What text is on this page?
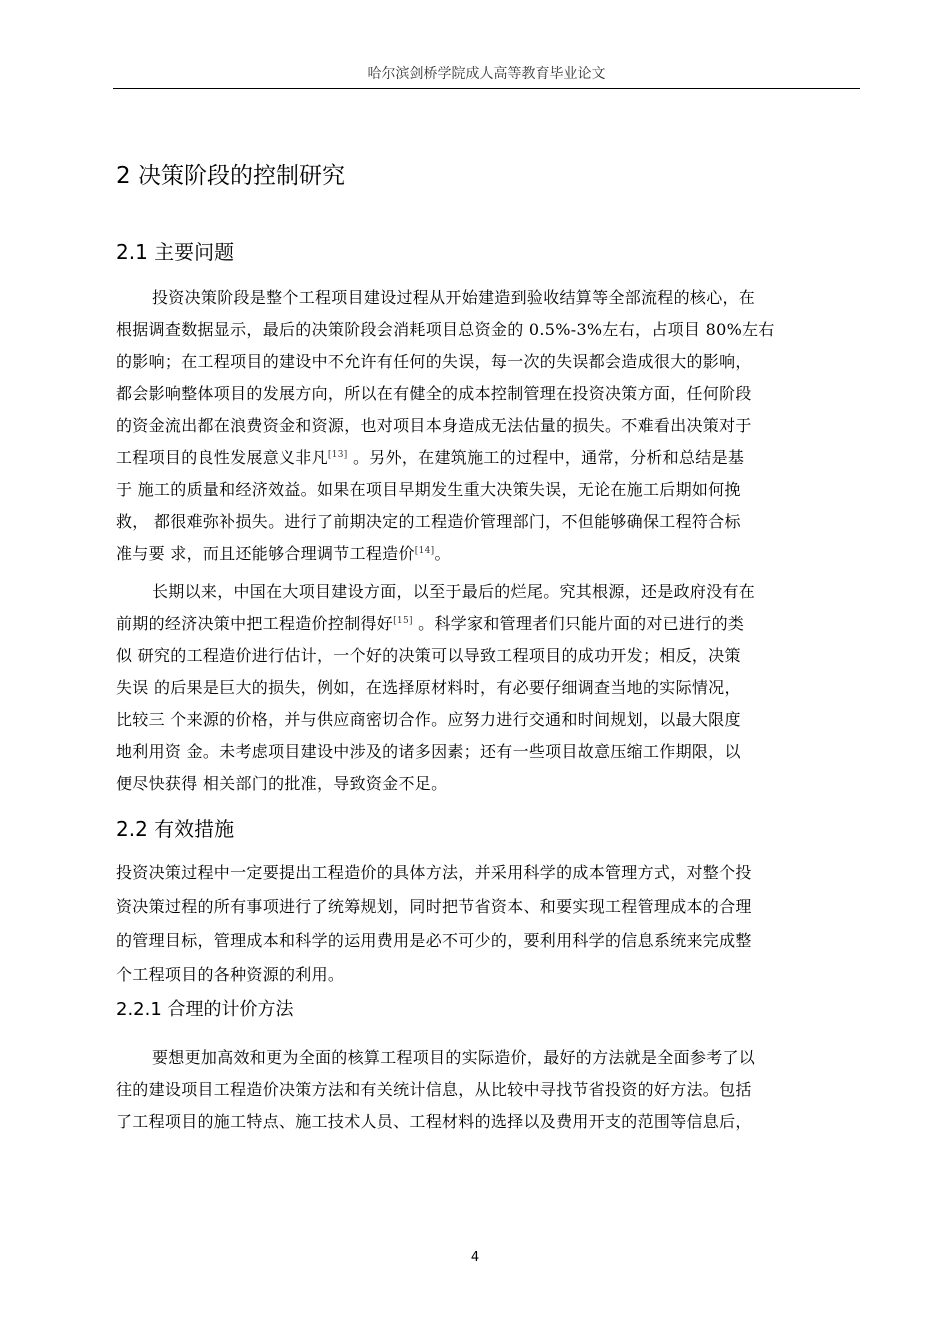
哈尔滨剑桥学院成人高等教育毕业论文
2 决策阶段的控制研究
2.1 主要问题
投资决策阶段是整个工程项目建设过程从开始建造到验收结算等全部流程的核心，在
根据调查数据显示，最后的决策阶段会消耗项目总资金的 0.5%-3%左右，占项目 80%左右
的影响；在工程项目的建设中不允许有任何的失误，每一次的失误都会造成很大的影响，
都会影响整体项目的发展方向，所以在有健全的成本控制管理在投资决策方面，任何阶段
的资金流出都在浪费资金和资源，也对项目本身造成无法估量的损失。不难看出决策对于
工程项目的良性发展意义非凡[13] 。另外，在建筑施工的过程中，通常，分析和总结是基
于 施工的质量和经济效益。如果在项目早期发生重大决策失误，无论在施工后期如何挽
救， 都很难弥补损失。进行了前期决定的工程造价管理部门，不但能够确保工程符合标
准与要 求，而且还能够合理调节工程造价[14]。
长期以来，中国在大项目建设方面，以至于最后的烂尾。究其根源，还是政府没有在
前期的经济决策中把工程造价控制得好[15] 。科学家和管理者们只能片面的对已进行的类
似 研究的工程造价进行估计，一个好的决策可以导致工程项目的成功开发；相反，决策
失误 的后果是巨大的损失，例如，在选择原材料时，有必要仔细调查当地的实际情况，
比较三 个来源的价格，并与供应商密切合作。应努力进行交通和时间规划，以最大限度
地利用资 金。未考虑项目建设中涉及的诸多因素；还有一些项目故意压缩工作期限，以
便尽快获得 相关部门的批准，导致资金不足。
2.2 有效措施
投资决策过程中一定要提出工程造价的具体方法，并采用科学的成本管理方式，对整个投
资决策过程的所有事项进行了统筹规划，同时把节省资本、和要实现工程管理成本的合理
的管理目标，管理成本和科学的运用费用是必不可少的，要利用科学的信息系统来完成整
个工程项目的各种资源的利用。
2.2.1 合理的计价方法
要想更加高效和更为全面的核算工程项目的实际造价，最好的方法就是全面参考了以
往的建设项目工程造价决策方法和有关统计信息，从比较中寻找节省投资的好方法。包括
了工程项目的施工特点、施工技术人员、工程材料的选择以及费用开支的范围等信息后，
4
